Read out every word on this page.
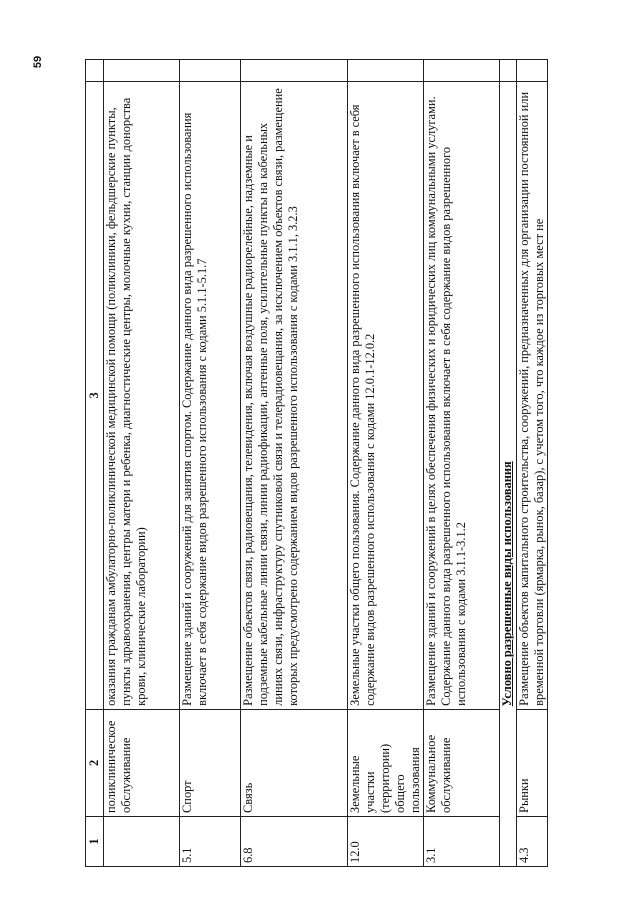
59
1	2	3	
	поликлиническое обслуживание	оказания гражданам амбулаторно-поликлинической медицинской помощи (поликлиники, фельдшерские пункты, пункты здравоохранения, центры матери и ребенка, диагностические центры, молочные кухни, станции донорства крови, клинические лаборатории)	
5.1	Спорт	Размещение зданий и сооружений для занятия спортом. Содержание данного вида разрешенного использования включает в себя содержание видов разрешенного использования с кодами 5.1.1-5.1.7	
6.8	Связь	Размещение объектов связи, радиовещания, телевидения, включая воздушные радиорелейные, надземные и подземные кабельные линии связи, линии радиофикации, антенные поля, усилительные пункты на кабельных линиях связи, инфраструктуру спутниковой связи и телерадиовещания, за исключением объектов связи, размещение которых предусмотрено содержанием видов разрешенного использования с кодами 3.1.1, 3.2.3	
12.0	Земельные участки (территории) общего пользования	Земельные участки общего пользования. Содержание данного вида разрешенного использования включает в себя содержание видов разрешенного использования с кодами 12.0.1-12.0.2	
3.1	Коммунальное обслуживание	Размещение зданий и сооружений в целях обеспечения физических и юридических лиц коммунальными услугами. Содержание данного вида разрешенного использования включает в себя содержание видов разрешенного использования с кодами 3.1.1-3.1.2	
		Условно разрешенные виды использования	
4.3	Рынки	Размещение объектов капитального строительства, сооружений, предназначенных для организации постоянной или временной торговли (ярмарка, рынок, базар), с учетом того, что каждое из торговых мест не	
